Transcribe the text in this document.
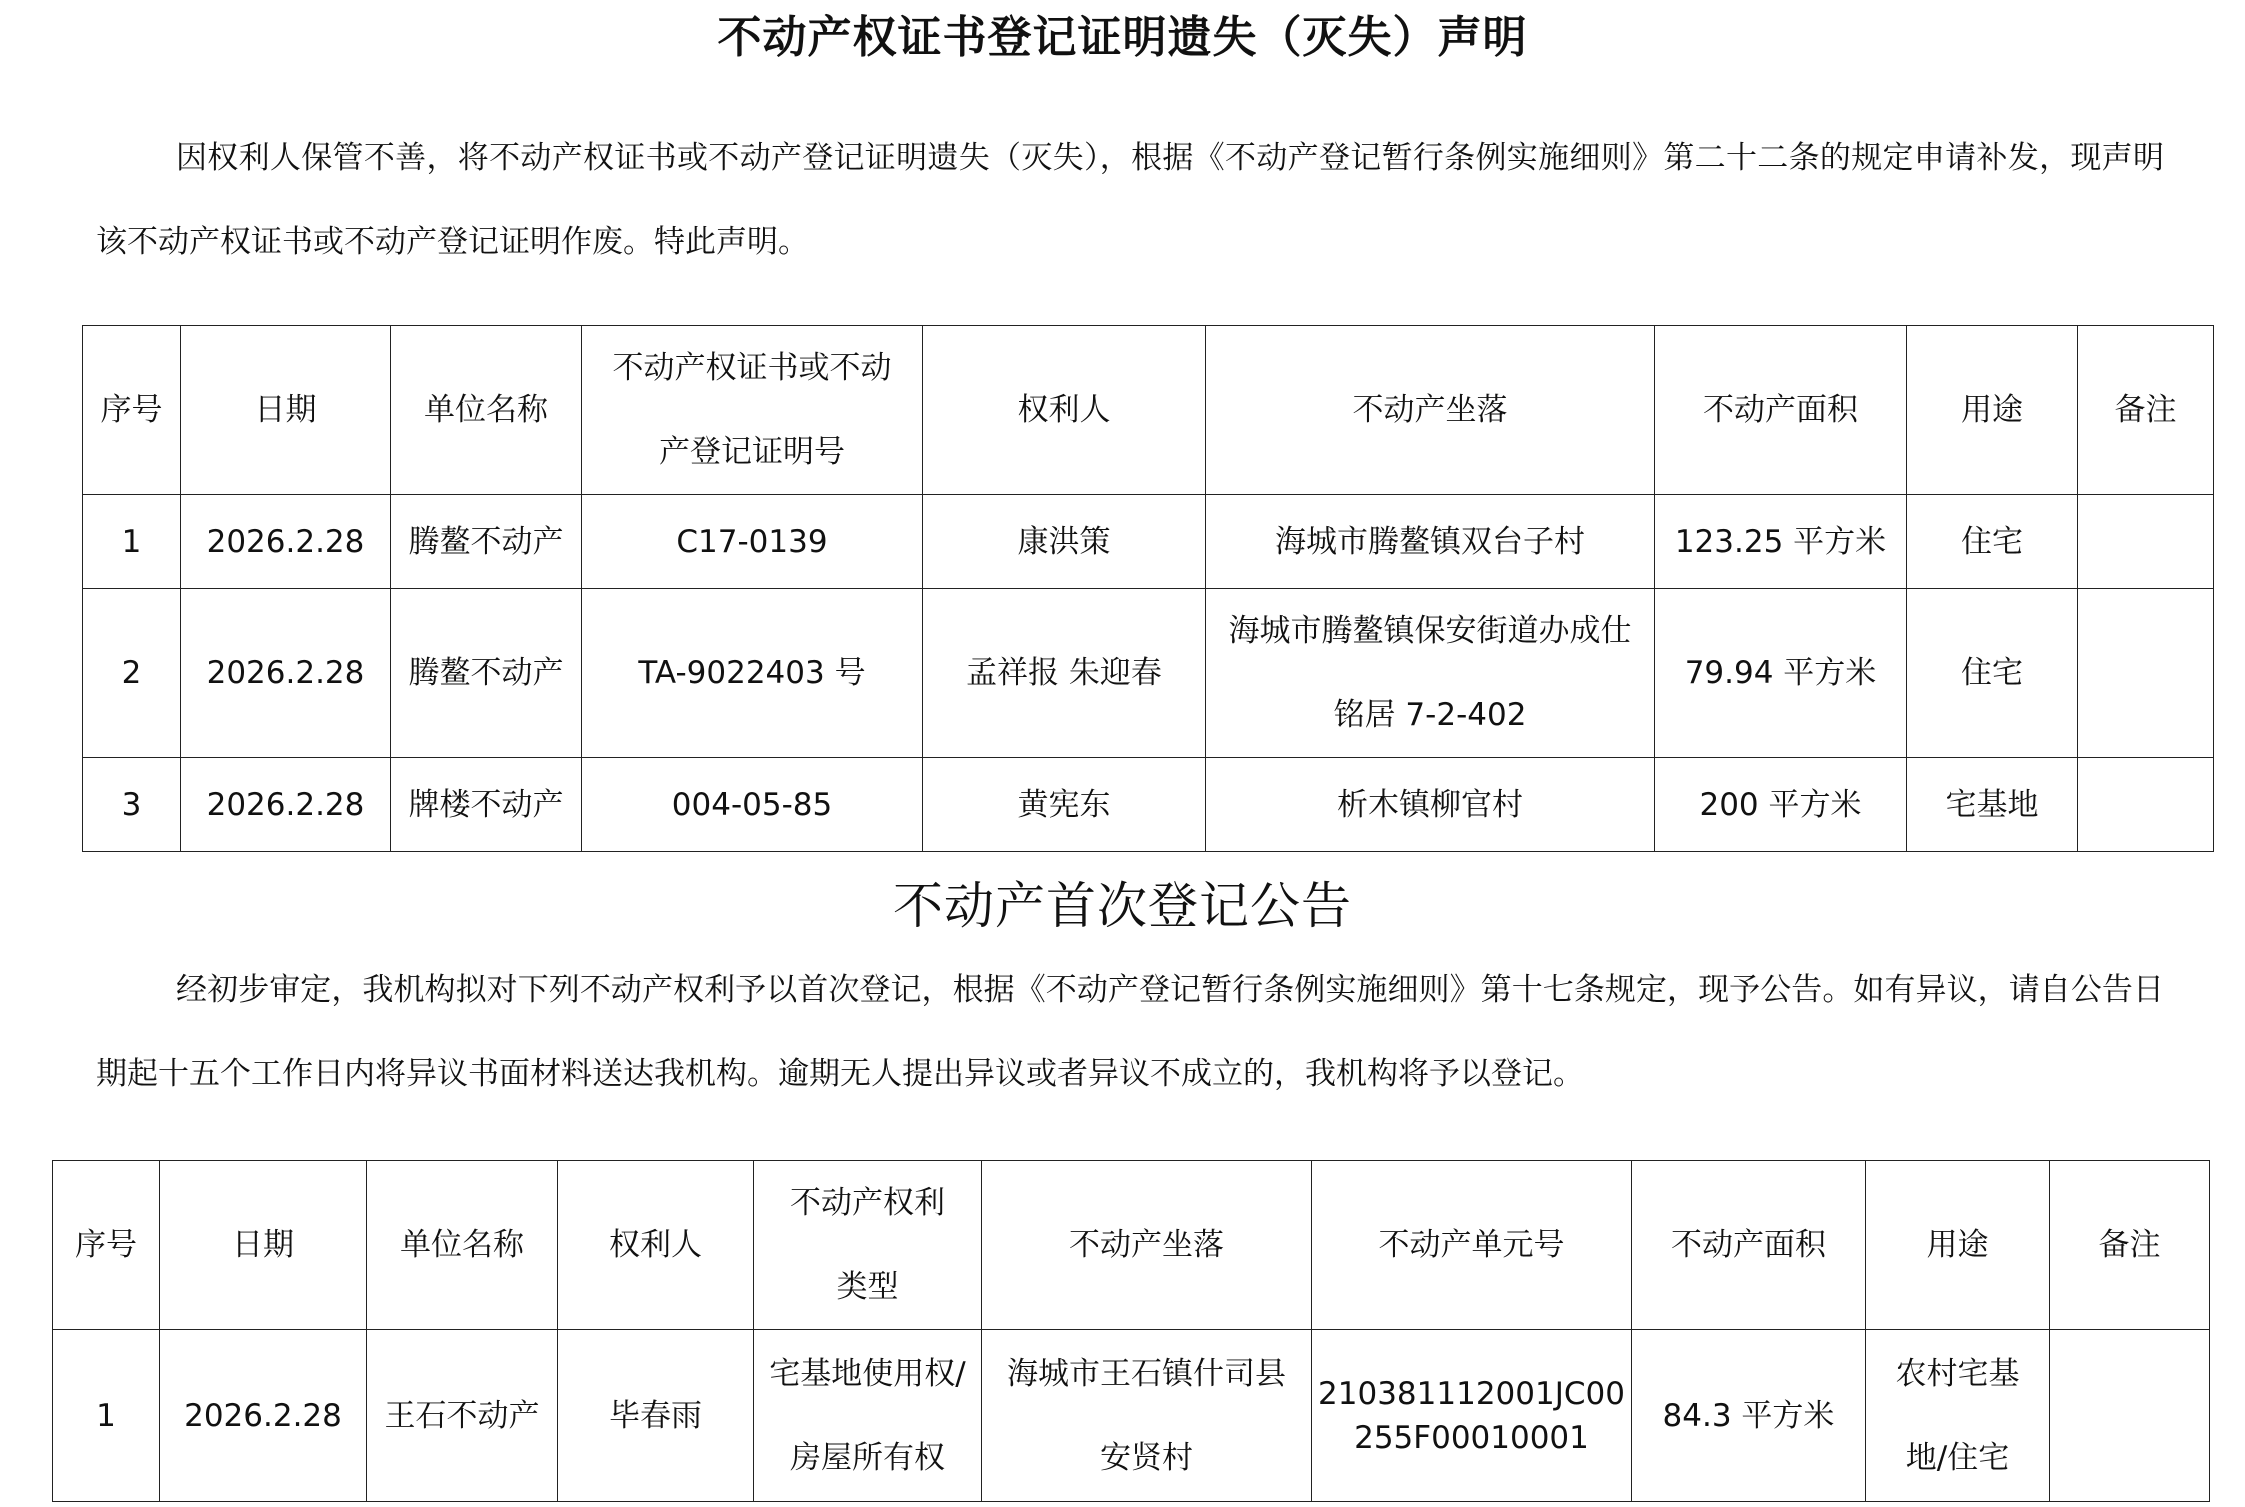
不动产权证书登记证明遗失（灭失）声明
因权利人保管不善，将不动产权证书或不动产登记证明遗失（灭失），根据《不动产登记暂行条例实施细则》第二十二条的规定申请补发，现声明该不动产权证书或不动产登记证明作废。特此声明。
序号	日期	单位名称	不动产权证书或不动产登记证明号	权利人	不动产坐落	不动产面积	用途	备注
1	2026.2.28	腾鳌不动产	C17-0139	康洪策	海城市腾鳌镇双台子村	123.25 平方米	住宅	
2	2026.2.28	腾鳌不动产	TA-9022403 号	孟祥报 朱迎春	海城市腾鳌镇保安街道办成仕铭居 7-2-402	79.94 平方米	住宅	
3	2026.2.28	牌楼不动产	004-05-85	黄宪东	析木镇柳官村	200 平方米	宅基地	
不动产首次登记公告
经初步审定，我机构拟对下列不动产权利予以首次登记，根据《不动产登记暂行条例实施细则》第十七条规定，现予公告。如有异议，请自公告日期起十五个工作日内将异议书面材料送达我机构。逾期无人提出异议或者异议不成立的，我机构将予以登记。
序号	日期	单位名称	权利人	不动产权利类型	不动产坐落	不动产单元号	不动产面积	用途	备注
1	2026.2.28	王石不动产	毕春雨	宅基地使用权/房屋所有权	海城市王石镇什司县安贤村	210381112001JC00255F00010001	84.3 平方米	农村宅基地/住宅	
